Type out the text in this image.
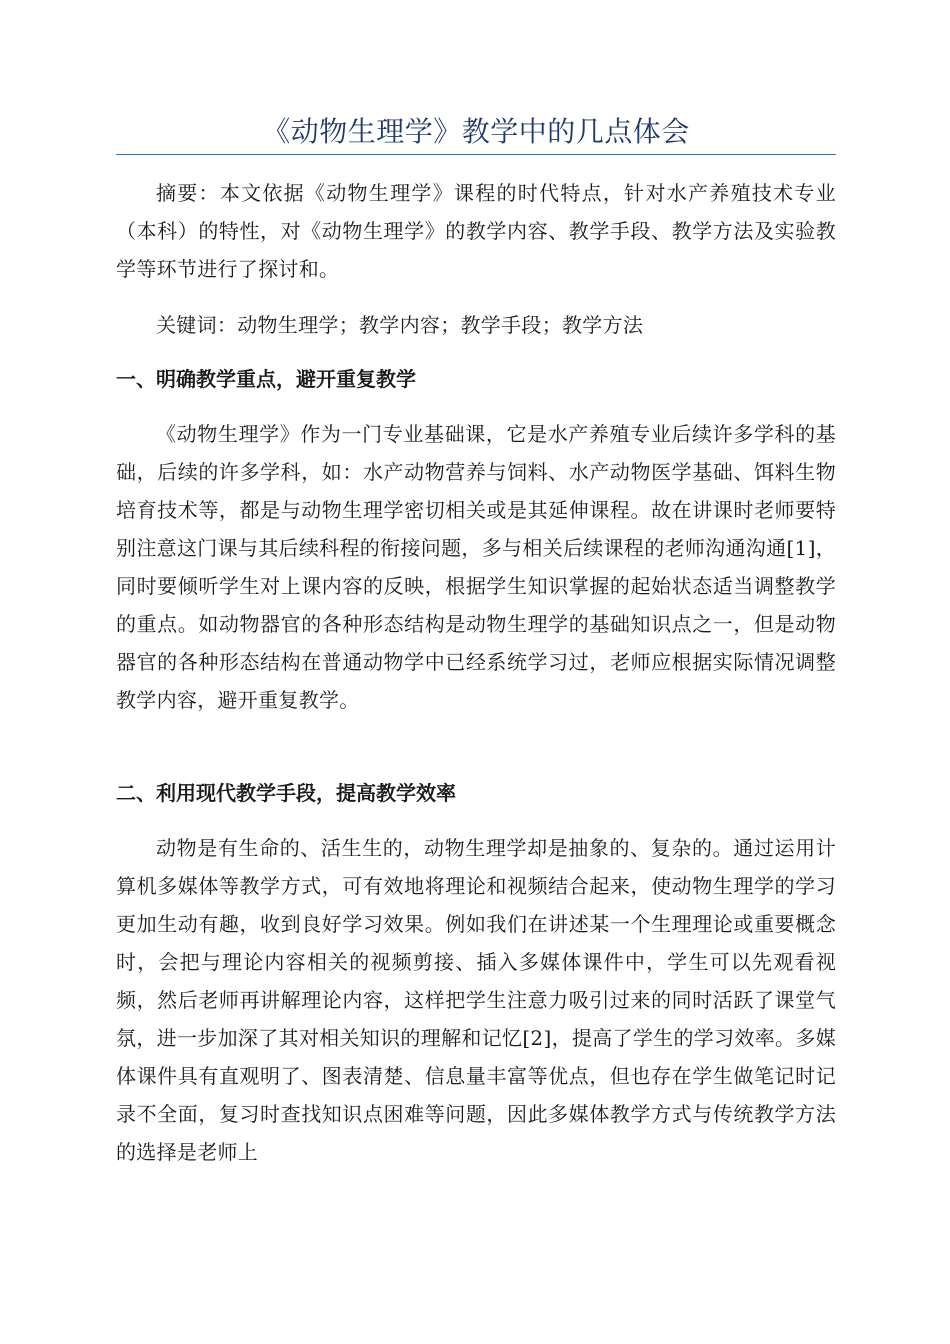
《动物生理学》教学中的几点体会

摘要：本文依据《动物生理学》课程的时代特点，针对水产养殖技术专业（本科）的特性，对《动物生理学》的教学内容、教学手段、教学方法及实验教学等环节进行了探讨和。

关键词：动物生理学；教学内容；教学手段；教学方法

一、明确教学重点，避开重复教学

《动物生理学》作为一门专业基础课，它是水产养殖专业后续许多学科的基础，后续的许多学科，如：水产动物营养与饲料、水产动物医学基础、饵料生物培育技术等，都是与动物生理学密切相关或是其延伸课程。故在讲课时老师要特别注意这门课与其后续科程的衔接问题，多与相关后续课程的老师沟通沟通[1]，同时要倾听学生对上课内容的反映，根据学生知识掌握的起始状态适当调整教学的重点。如动物器官的各种形态结构是动物生理学的基础知识点之一，但是动物器官的各种形态结构在普通动物学中已经系统学习过，老师应根据实际情况调整教学内容，避开重复教学。

二、利用现代教学手段，提高教学效率

动物是有生命的、活生生的，动物生理学却是抽象的、复杂的。通过运用计算机多媒体等教学方式，可有效地将理论和视频结合起来，使动物生理学的学习更加生动有趣，收到良好学习效果。例如我们在讲述某一个生理理论或重要概念时，会把与理论内容相关的视频剪接、插入多媒体课件中，学生可以先观看视频，然后老师再讲解理论内容，这样把学生注意力吸引过来的同时活跃了课堂气氛，进一步加深了其对相关知识的理解和记忆[2]，提高了学生的学习效率。多媒体课件具有直观明了、图表清楚、信息量丰富等优点，但也存在学生做笔记时记录不全面，复习时查找知识点困难等问题，因此多媒体教学方式与传统教学方法的选择是老师上
